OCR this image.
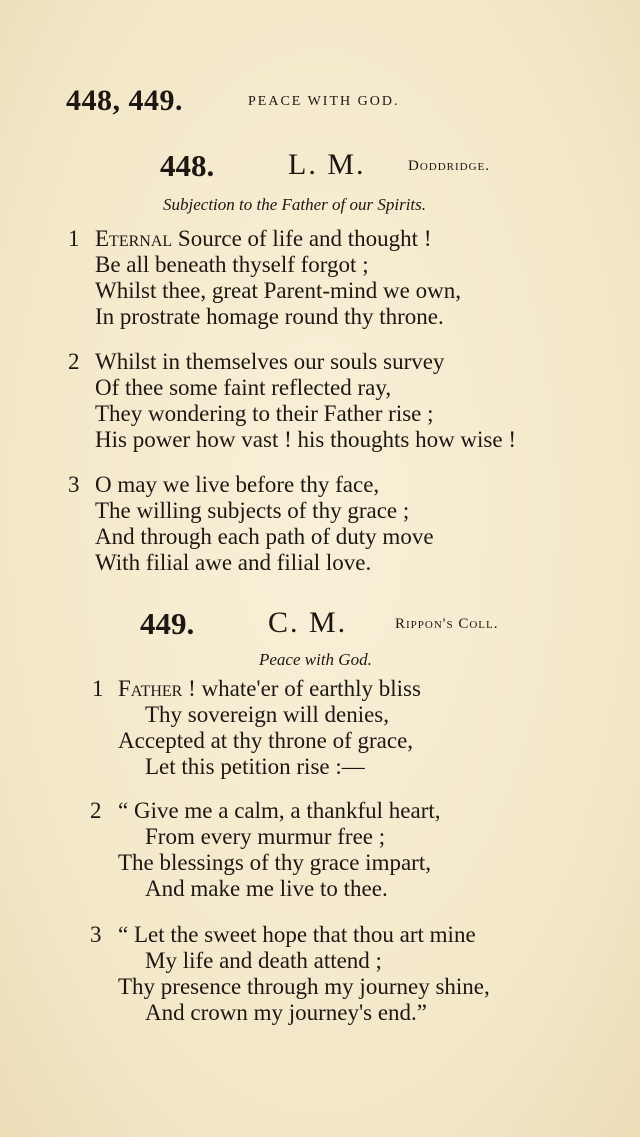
448, 449.	PEACE WITH GOD.
448. L. M.	Doddridge.
Subjection to the Father of our Spirits.
1 Eternal Source of life and thought !
Be all beneath thyself forgot ;
Whilst thee, great Parent-mind we own,
In prostrate homage round thy throne.
2 Whilst in themselves our souls survey
Of thee some faint reflected ray,
They wondering to their Father rise ;
His power how vast ! his thoughts how wise !
3 O may we live before thy face,
The willing subjects of thy grace ;
And through each path of duty move
With filial awe and filial love.
449. C. M.	Rippon's Coll.
Peace with God.
1 Father ! whate'er of earthly bliss
Thy sovereign will denies,
Accepted at thy throne of grace,
Let this petition rise :—
2 “ Give me a calm, a thankful heart,
From every murmur free ;
The blessings of thy grace impart,
And make me live to thee.
3 “ Let the sweet hope that thou art mine
My life and death attend ;
Thy presence through my journey shine,
And crown my journey's end.”
